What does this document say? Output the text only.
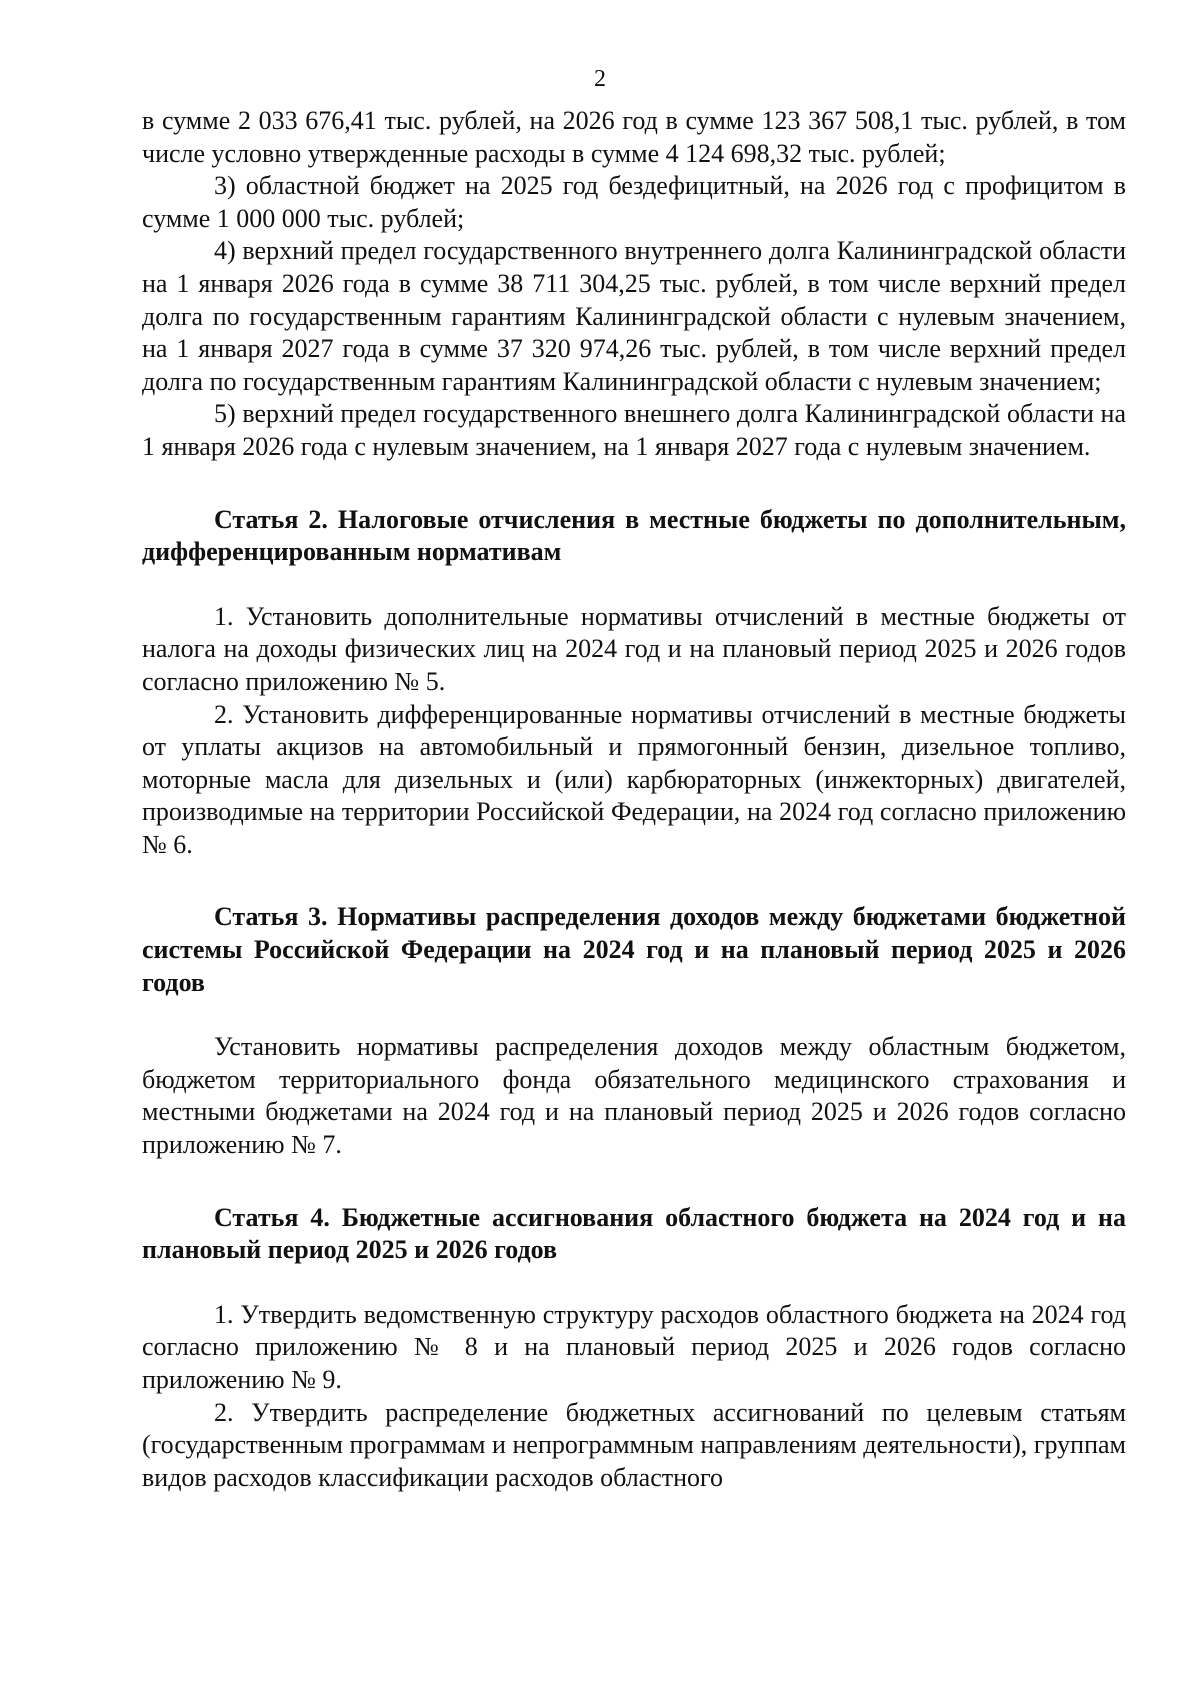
2

в сумме 2 033 676,41 тыс. рублей, на 2026 год в сумме 123 367 508,1 тыс. рублей, в том числе условно утвержденные расходы в сумме 4 124 698,32 тыс. рублей;

3) областной бюджет на 2025 год бездефицитный, на 2026 год с профицитом в сумме 1 000 000 тыс. рублей;

4) верхний предел государственного внутреннего долга Калининградской области на 1 января 2026 года в сумме 38 711 304,25 тыс. рублей, в том числе верхний предел долга по государственным гарантиям Калининградской области с нулевым значением, на 1 января 2027 года в сумме 37 320 974,26 тыс. рублей, в том числе верхний предел долга по государственным гарантиям Калининградской области с нулевым значением;

5) верхний предел государственного внешнего долга Калининградской области на 1 января 2026 года с нулевым значением, на 1 января 2027 года с нулевым значением.

Статья 2. Налоговые отчисления в местные бюджеты по дополнительным, дифференцированным нормативам

1. Установить дополнительные нормативы отчислений в местные бюджеты от налога на доходы физических лиц на 2024 год и на плановый период 2025 и 2026 годов согласно приложению № 5.

2. Установить дифференцированные нормативы отчислений в местные бюджеты от уплаты акцизов на автомобильный и прямогонный бензин, дизельное топливо, моторные масла для дизельных и (или) карбюраторных (инжекторных) двигателей, производимые на территории Российской Федерации, на 2024 год согласно приложению № 6.

Статья 3. Нормативы распределения доходов между бюджетами бюджетной системы Российской Федерации на 2024 год и на плановый период 2025 и 2026 годов

Установить нормативы распределения доходов между областным бюджетом, бюджетом территориального фонда обязательного медицинского страхования и местными бюджетами на 2024 год и на плановый период 2025 и 2026 годов согласно приложению № 7.

Статья 4. Бюджетные ассигнования областного бюджета на 2024 год и на плановый период 2025 и 2026 годов

1. Утвердить ведомственную структуру расходов областного бюджета на 2024 год согласно приложению № 8 и на плановый период 2025 и 2026 годов согласно приложению № 9.

2. Утвердить распределение бюджетных ассигнований по целевым статьям (государственным программам и непрограммным направлениям деятельности), группам видов расходов классификации расходов областного
